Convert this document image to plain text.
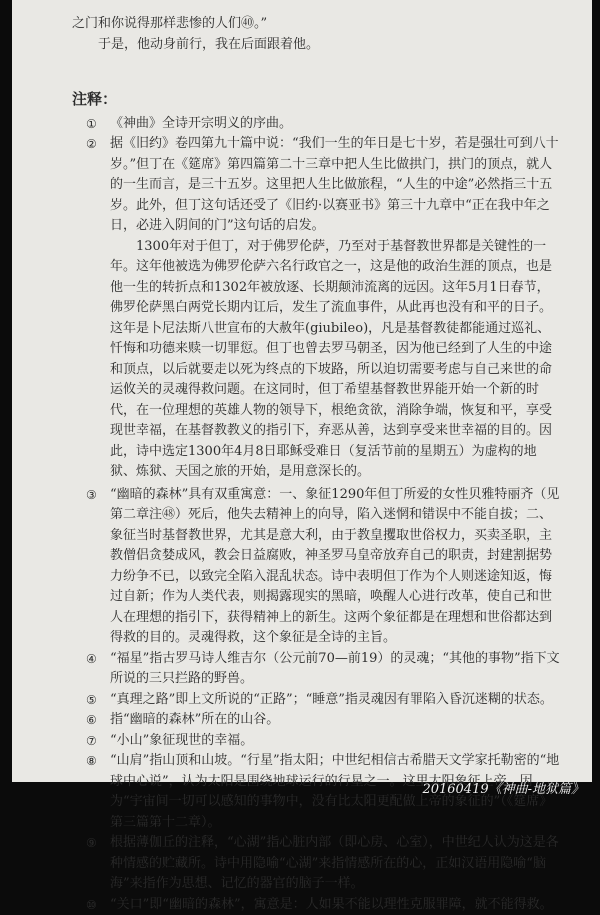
之门和你说得那样悲惨的人们㊵。”

于是，他动身前行，我在后面跟着他。

注释：
① 《神曲》全诗开宗明义的序曲。

② 据《旧约》卷四第九十篇中说：“我们一生的年日是七十岁，若是强壮可到八十岁。”但丁在《筵席》第四篇第二十三章中把人生比做拱门，拱门的顶点，就人的一生而言，是三十五岁。这里把人生比做旅程，“人生的中途”必然指三十五岁。此外，但丁这句话还受了《旧约·以赛亚书》第三十九章中“正在我中年之日，必进入阴间的门”这句话的启发。

1300年对于但丁，对于佛罗伦萨，乃至对于基督教世界都是关键性的一年。这年他被选为佛罗伦萨六名行政官之一，这是他的政治生涯的顶点，也是他一生的转折点和1302年被放逐、长期颠沛流离的远因。这年5月1日春节，佛罗伦萨黑白两党长期内讧后，发生了流血事件，从此再也没有和平的日子。这年是卜尼法斯八世宣布的大赦年(giubileo)，凡是基督教徒都能通过巡礼、忏悔和功德来赎一切罪愆。但丁也曾去罗马朝圣，因为他已经到了人生的中途和顶点，以后就要走以死为终点的下坡路，所以迫切需要考虑与自己来世的命运攸关的灵魂得救问题。在这同时，但丁希望基督教世界能开始一个新的时代，在一位理想的英雄人物的领导下，根绝贪欲，消除争端，恢复和平，享受现世幸福，在基督教教义的指引下，弃恶从善，达到享受来世幸福的目的。因此，诗中选定1300年4月8日耶稣受难日（复活节前的星期五）为虚构的地狱、炼狱、天国之旅的开始，是用意深长的。

③ “幽暗的森林”具有双重寓意：一、象征1290年但丁所爱的女性贝雅特丽齐（见第二章注㊽）死后，他失去精神上的向导，陷入迷惘和错误中不能自拔；二、象征当时基督教世界，尤其是意大利，由于教皇攫取世俗权力，买卖圣职，主教僧侣贪婪成风，教会日益腐败，神圣罗马皇帝放弃自己的职责，封建割据势力纷争不已，以致完全陷入混乱状态。诗中表明但丁作为个人则迷途知返，悔过自新；作为人类代表，则揭露现实的黑暗，唤醒人心进行改革，使自己和世人在理想的指引下，获得精神上的新生。这两个象征都是在理想和世俗都达到得救的目的。灵魂得救，这个象征是全诗的主旨。

④ “福星”指古罗马诗人维吉尔（公元前70—前19）的灵魂；“其他的事物”指下文所说的三只拦路的野兽。

⑤ “真理之路”即上文所说的“正路”；“睡意”指灵魂因有罪陷入昏沉迷糊的状态。

⑥ 指“幽暗的森林”所在的山谷。

⑦ “小山”象征现世的幸福。

⑧ “山肩”指山顶和山坡。“行星”指太阳；中世纪相信古希腊天文学家托勒密的“地球中心说”，认为太阳是围绕地球运行的行星之一。这里太阳象征上帝，因为“宇宙间一切可以感知的事物中，没有比太阳更配做上帝的象征的”（《筵席》第三篇第十二章）。

⑨ 根据薄伽丘的注释，“心湖”指心脏内部（即心房、心室），中世纪人认为这是各种情感的贮藏所。诗中用隐喻“心湖”来指情感所在的心，正如汉语用隐喻“脑海”来指作为思想、记忆的器官的脑子一样。

⑩ “关口”即“幽暗的森林”，寓意是：人如果不能以理性克服罪障，就不能得救。

20160419《神曲-地狱篇》
